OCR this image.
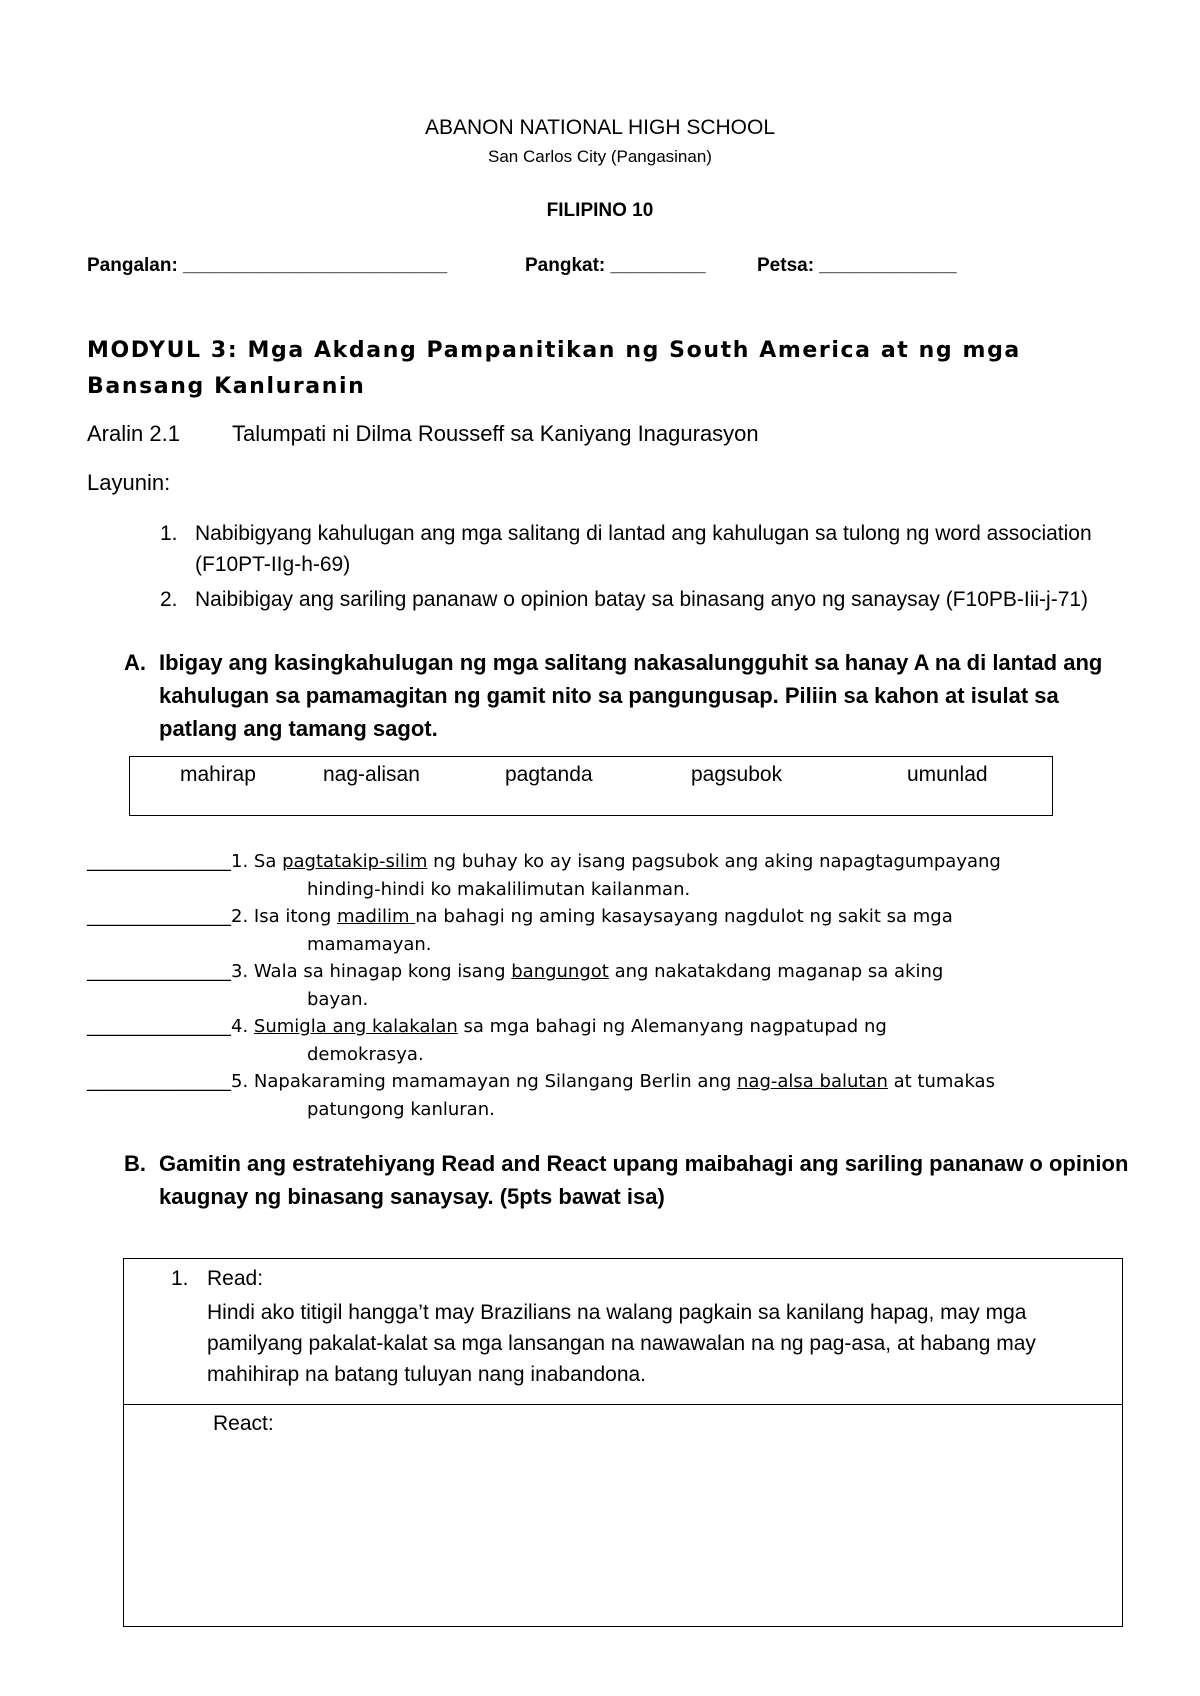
ABANON NATIONAL HIGH SCHOOL
San Carlos City (Pangasinan)
FILIPINO 10
Pangalan: _________________________	Pangkat: _________	Petsa: _____________
MODYUL 3: Mga Akdang Pampanitikan ng South America at ng mga Bansang Kanluranin
Aralin 2.1 Talumpati ni Dilma Rousseff sa Kaniyang Inagurasyon
Layunin:
1. Nabibigyang kahulugan ang mga salitang di lantad ang kahulugan sa tulong ng word association (F10PT-IIg-h-69)
2. Naibibigay ang sariling pananaw o opinion batay sa binasang anyo ng sanaysay (F10PB-Iii-j-71)
A. Ibigay ang kasingkahulugan ng mga salitang nakasalungguhit sa hanay A na di lantad ang kahulugan sa pamamagitan ng gamit nito sa pangungusap. Piliin sa kahon at isulat sa patlang ang tamang sagot.
mahirap	nag-alisan	pagtanda	pagsubok	umunlad
________________1. Sa pagtatakip-silim ng buhay ko ay isang pagsubok ang aking napagtagumpayang
hinding-hindi ko makalilimutan kailanman.
________________2. Isa itong madilim na bahagi ng aming kasaysayang nagdulot ng sakit sa mga
mamamayan.
________________3. Wala sa hinagap kong isang bangungot ang nakatakdang maganap sa aking
bayan.
________________4. Sumigla ang kalakalan sa mga bahagi ng Alemanyang nagpatupad ng
demokrasya.
________________5. Napakaraming mamamayan ng Silangang Berlin ang nag-alsa balutan at tumakas
patungong kanluran.
B. Gamitin ang estratehiyang Read and React upang maibahagi ang sariling pananaw o opinion kaugnay ng binasang sanaysay. (5pts bawat isa)
1. Read:
Hindi ako titigil hangga’t may Brazilians na walang pagkain sa kanilang hapag, may mga pamilyang pakalat-kalat sa mga lansangan na nawawalan na ng pag-asa, at habang may mahihirap na batang tuluyan nang inabandona.
React:
